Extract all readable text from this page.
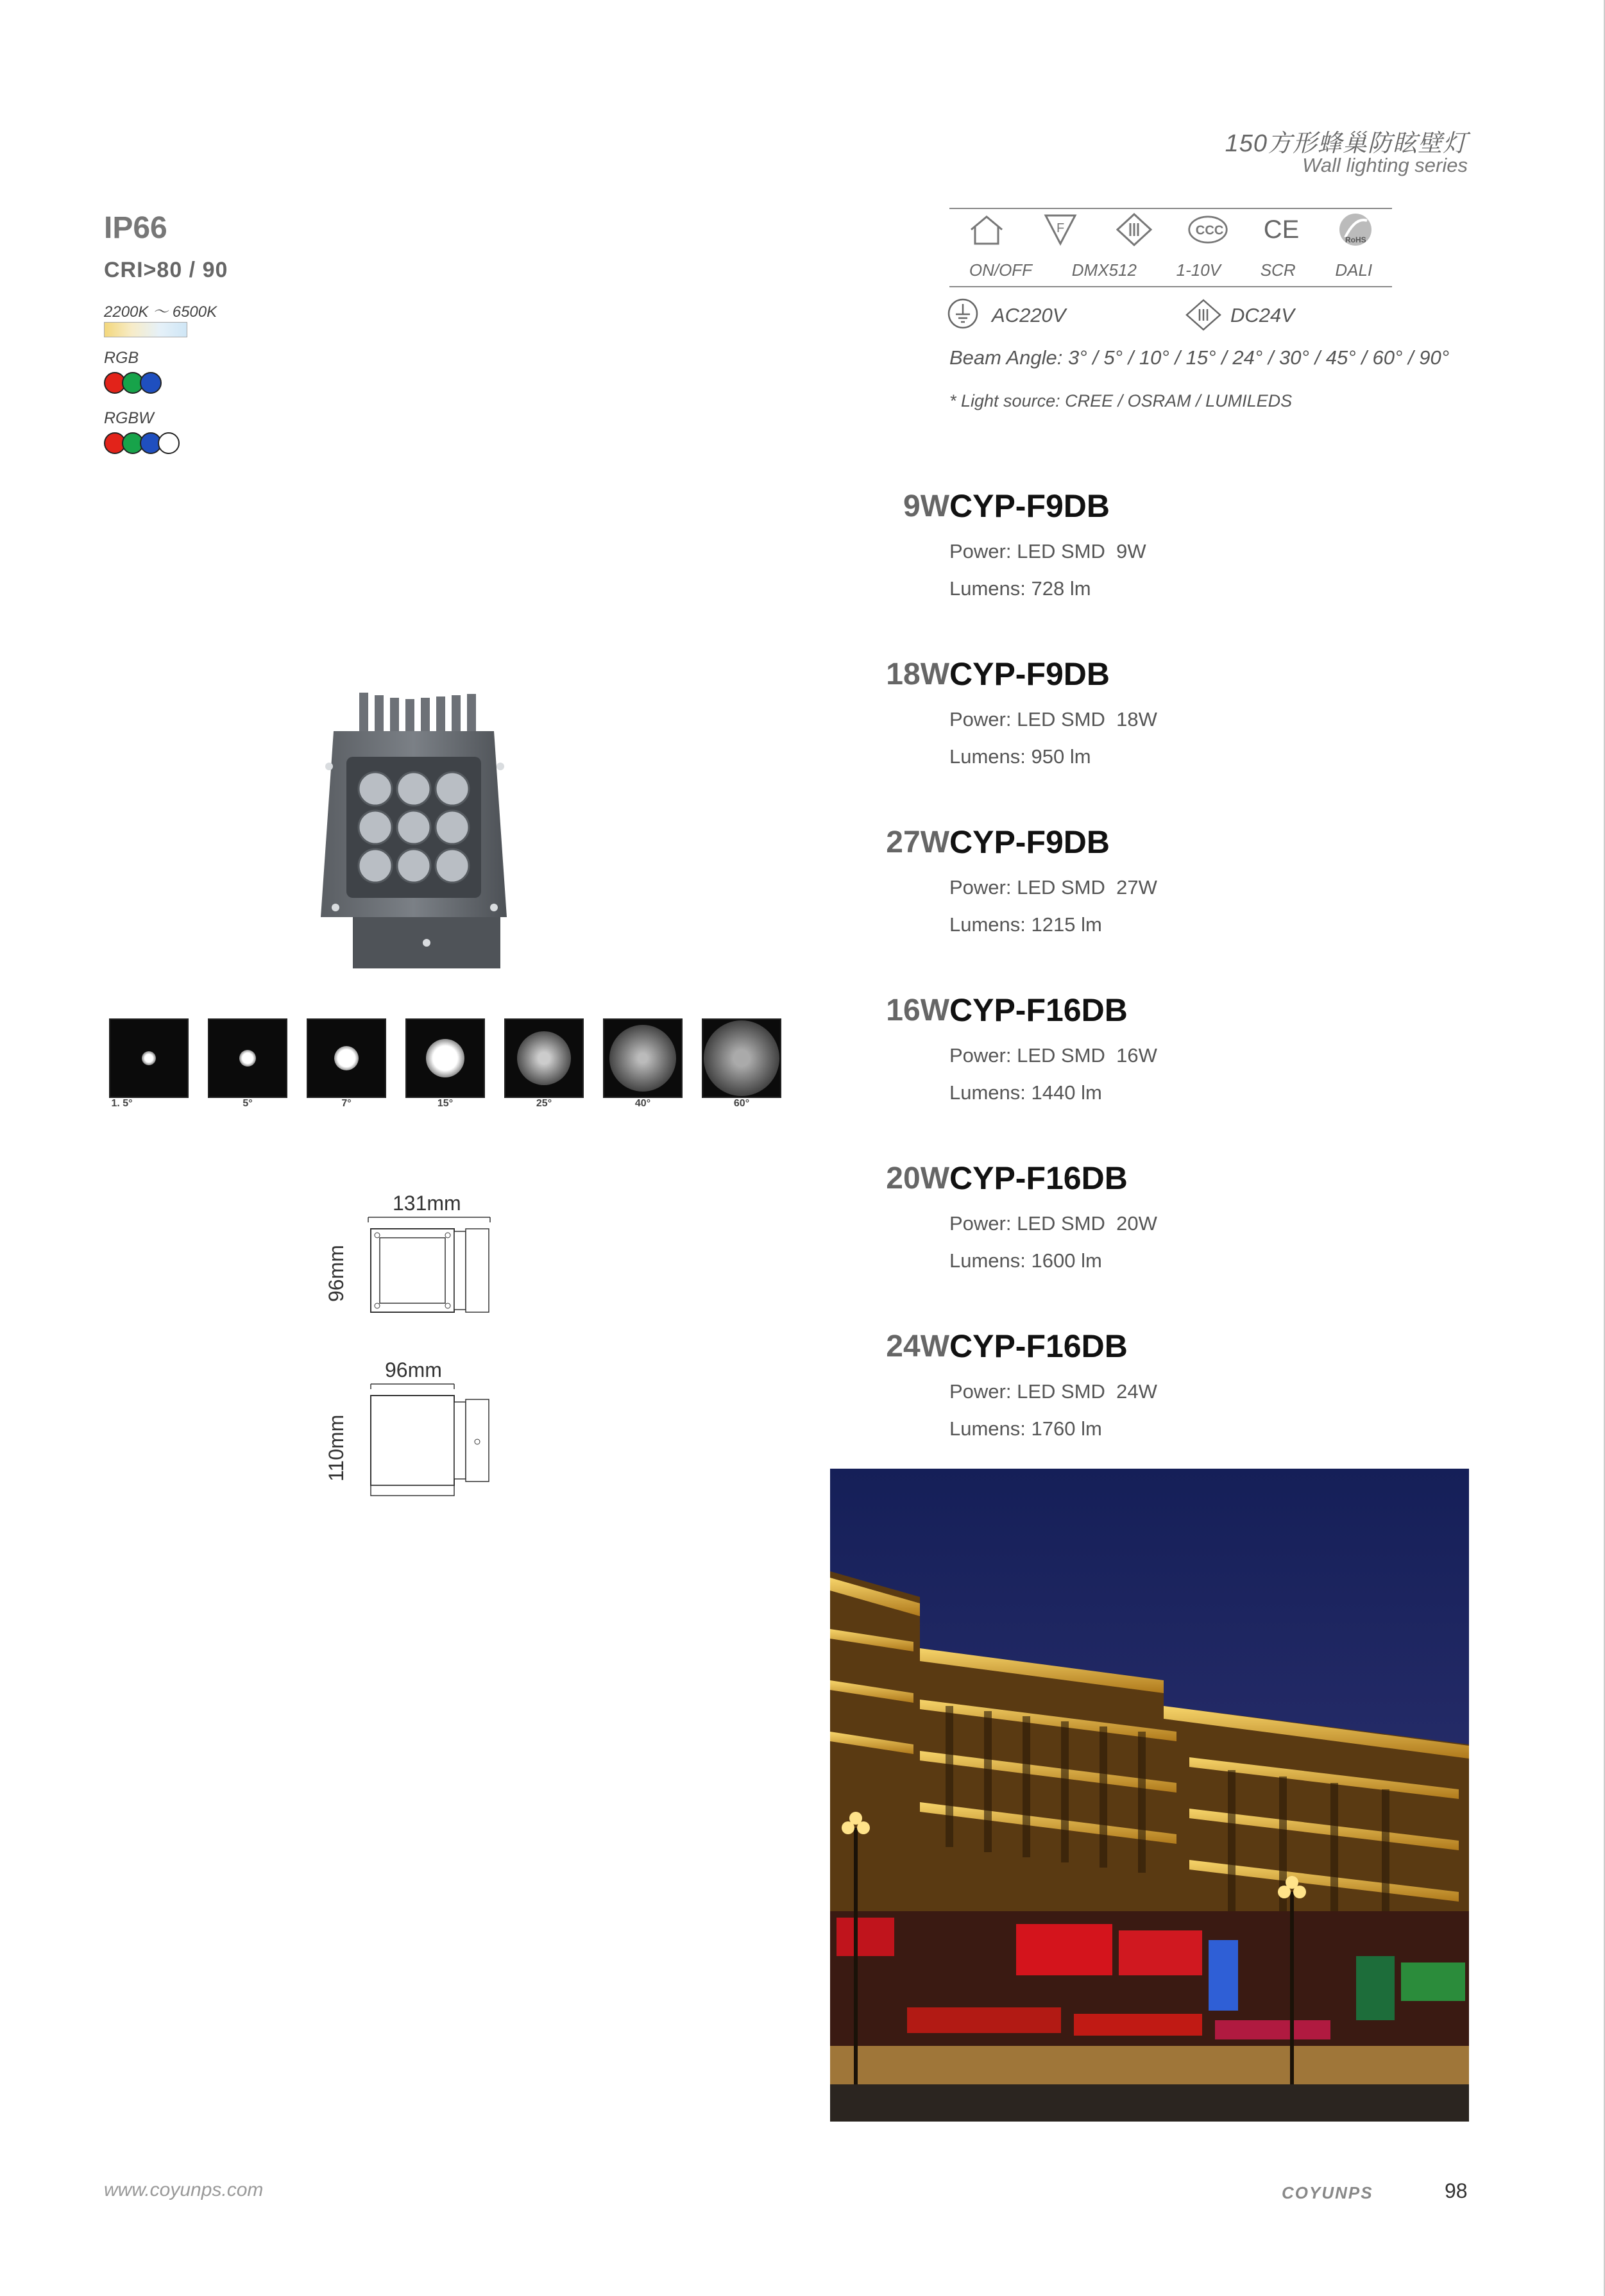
150方形蜂巢防眩壁灯
Wall lighting series
IP66
CRI>80 / 90
2200K ～ 6500K
RGB
RGBW
F	CCC CE	RoHS
ON/OFF DMX512 1-10V SCR DALI
AC220V	DC24V
Beam Angle: 3° / 5° / 10° / 15° / 24° / 30° / 45° / 60° / 90°
* Light source: CREE / OSRAM / LUMILEDS
9W CYP-F9DB
Power: LED SMD  9W
Lumens: 728 lm
18W CYP-F9DB
Power: LED SMD  18W
Lumens: 950 lm
27W CYP-F9DB
Power: LED SMD  27W
Lumens: 1215 lm
16W CYP-F16DB
Power: LED SMD  16W
Lumens: 1440 lm
20W CYP-F16DB
Power: LED SMD  20W
Lumens: 1600 lm
24W CYP-F16DB
Power: LED SMD  24W
Lumens: 1760 lm
1. 5°	5°	7°	15°	25°	40°	60°
131mm
96mm
96mm
110mm
www.coyunps.com	COYUNPS	98
